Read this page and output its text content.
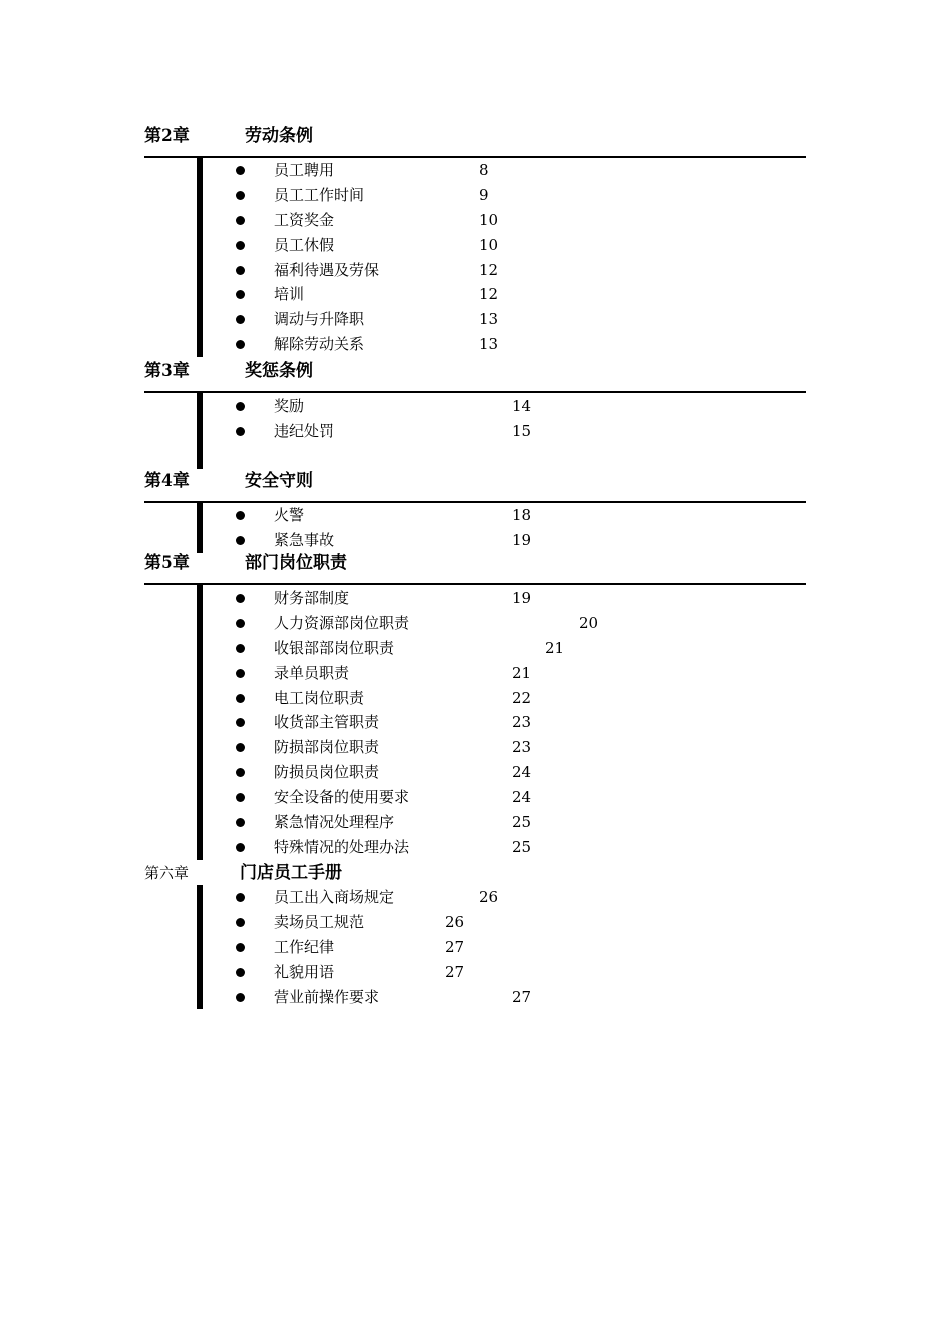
第2章	劳动条例
员工聘用	8
员工工作时间	9
工资奖金	10
员工休假	10
福利待遇及劳保	12
培训	12
调动与升降职	13
解除劳动关系	13
第3章	奖惩条例
奖励	14
违纪处罚	15
第4章	安全守则
火警	18
紧急事故	19
第5章	部门岗位职责
财务部制度	19
人力资源部岗位职责	20
收银部部岗位职责	21
录单员职责	21
电工岗位职责	22
收货部主管职责	23
防损部岗位职责	23
防损员岗位职责	24
安全设备的使用要求	24
紧急情况处理程序	25
特殊情况的处理办法	25
第六章	门店员工手册
员工出入商场规定	26
卖场员工规范	26
工作纪律	27
礼貌用语	27
营业前操作要求	27
